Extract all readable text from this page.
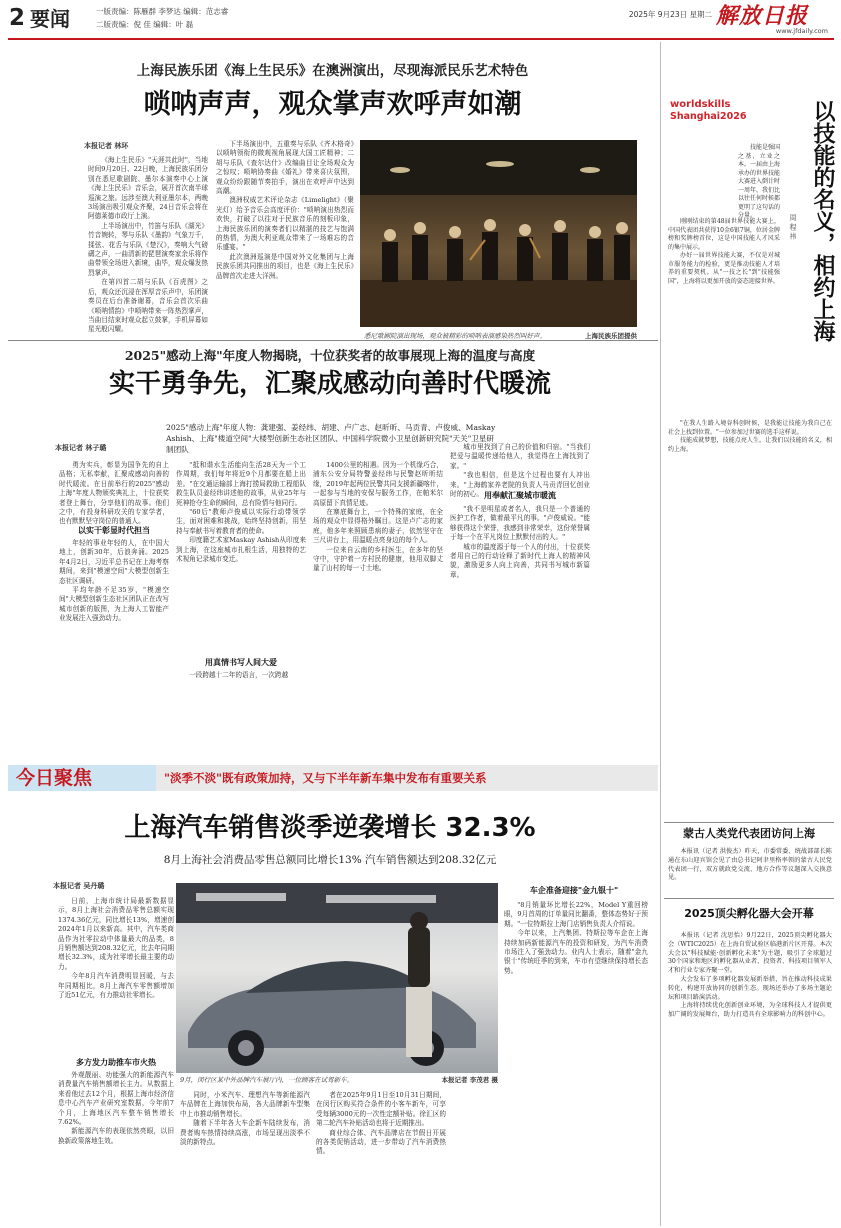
2 要闻	一版责编：陈雁群 李梦达 编辑：范志睿
二版责编：倪 佳 编辑：叶 磊
2025年 9月23日 星期二 解放日报
www.jfdaily.com
上海民族乐团《海上生民乐》在澳洲演出，尽现海派民乐艺术特色
唢呐声声，观众掌声欢呼声如潮
本报记者 林环

《海上生民乐》"天涯共此时"，当地时间9月20日、22日晚，上海民族乐团分别在悉尼歌剧院、墨尔本演奏中心上演《海上生民乐》音乐会，展开首次南半球巡演之旅。远涉至澳大利亚墨尔本，两晚3场演出吸引观众齐聚，24日音乐会将在阿德莱德市政厅上演。

上半场演出中，竹笛与乐队《湖光》竹音婉转，琴与乐队《墨韵》气象万千，揉弦、花舌与乐队《楚汉》，奏响大气磅礴之声，一曲清新的琵琶演奏家余乐将作曲带领全场进入新境，曲毕，观众爆发热烈掌声。

在第四首二胡与乐队《百虎图》之后，观众还沉浸在浑厚音乐声中，乐团演奏员在后台准备谢幕，音乐会首次乐曲《唢呐情韵》中唢呐带来一阵热烈掌声，当曲目结束时观众起立鼓掌，手机屏幕如星光般闪耀。

下半场演出中，五重奏与乐队《齐木格奇》以唢呐领衔的微观视角展现大国工匠精神；二胡与乐队《查尔达什》改编曲目让全场观众为之惊叹；唢呐协奏曲《婚礼》带来喜庆氛围，观众纷纷跟随节奏拍手，演出在欢呼声中达到高潮。

澳洲权威艺术评论杂志《Limelight》（聚光灯）给予音乐会高度评价："唢呐演出热烈而欢快，打破了以往对于民族音乐的刻板印象，上海民族乐团的演奏者们以精湛的技艺与饱满的热情，为澳大利亚观众带来了一场难忘的音乐盛宴。"

此次澳洲巡演是中国对外文化集团与上海民族乐团共同推出的项目，也是《海上生民乐》品牌首次走进大洋洲。

悉尼歌剧院演出现场，观众被精彩的唢呐表演感染热烈叫好声。	上海民族乐团提供
2025"感动上海"年度人物揭晓，十位获奖者的故事展现上海的温度与高度
实干勇争先，汇聚成感动向善时代暖流
2025"感动上海"年度人物：龚建强、姜经纬、胡建、卢广志、赵昕昕、马贡青、卢俊威、Maskay Ashish、上海"楼道空间"大楼型创新生态社区团队、中国科学院微小卫星创新研究院"天关"卫星研制团队
本报记者 林子璐

勇为实兵，彰显为国争先的自上品格；无私奉献，汇聚成感动向善的时代暖流。在日前举行的2025"感动上海"年度人物颁奖典礼上，十位获奖者登上舞台，分享他们的故事。他们之中，有投身科研攻关的专家学者，也有默默坚守岗位的普通人。

以实干彰显时代担当

年轻的事业年轻的人，在中国大地上，创新30年，后浪奔涌。2025年4月2日，习近平总书记在上海考察期间，来到"模速空间"大模型创新生态社区调研。

平均年龄不足35岁，"模速空间"大模型创新生态社区团队正在改写城市创新的版图，为上海人工智能产业发展注入强劲动力。

"抵和谐水生活能向生活28天为一个工作周期，我们每年将近9个月都要在船上出差。"在交通运输部上海打捞局救助工程船队救生队员姜经纬讲述他的故事，从业25年与死神抢夺生命的瞬间，总有险情与他同行。

"60后"教师卢俊威以实际行动带领学生，面对困难和挑战，始终坚持创新，用坚持与奉献书写着教育者的使命。

印度籍艺术家Maskay Ashish从印度来到上海，在这座城市扎根生活，用独特的艺术视角记录城市变迁。

用真情书写人间大爱

一段跨越十二年的语言，一次跨越

1400公里的相遇。因为一个机缘巧合，浦东公安分局特警姜经纬与民警赵昕昕结缘，2019年起两位民警共同支援新疆喀什，一起参与当地的安保与服务工作，在帕米尔高原留下真情足迹。

在寨底舞台上，一个特殊的家庭，在全场的观众中显得格外瞩目。这是卢广志的家庭，他多年来照顾患病的妻子，依然坚守在三尺讲台上，用温暖点亮身边的每个人。

一位来自云南的乡村医生，在多年的坚守中，守护着一方村民的健康，他用双脚丈量了山村的每一寸土地。

城市里找到了自己的价值和归宿。"当我们把爱与温暖传递给他人，我觉得在上海找到了家。"

"我也相信，但是这个过程也要有人冲出来。"上海鹤家养老院的负责人马贡青回忆创业时的初心。 用奉献汇聚城市暖流

"我不是明星或者名人，我只是一个普通的医护工作者，做着最平凡的事。"卢俊威说。"能够获得这个荣誉，我感到非常荣幸，这份荣誉属于每一个在平凡岗位上默默付出的人。"

城市的温度源于每一个人的付出，十位获奖者用自己的行动诠释了新时代上海人的精神风貌，激励更多人向上向善，共同书写城市新篇章。

worldskills
Shanghai2026	以技能的名义，相约上海
周 程 祎

技能是强国之基、立业之本。一届由上海承办的世界技能大赛进入倒计时一周年，我们比以往任何时候都更明了这句话的分量。

刚刚结束的第48届世界技能大赛上，中国代表团共获得10金6银7铜，位居金牌榜和奖牌榜首位，这是中国技能人才风采的集中展示。

办好一届世界技能大赛，不仅是对城市服务能力的检验，更是推动技能人才培养的重要契机。从"一技之长"到"技能强国"，上海将以更加开放的姿态迎接世界。

"在我人生路入境谷科创时候，是我能让技能为我自己在社会上找到位置。"一位参加过世赛的选手这样说。

技能成就梦想，技能点亮人生。让我们以技能的名义，相约上海。

蒙古人类党代表团访问上海

本报讯（记者 洪俊杰）昨天，市委常委、统战部部长陈通在东山迎宾馆会见了由总书记阿聿里格率领的蒙古人民党代表团一行，双方就政党交流、地方合作等议题深入交换意见。

2025顶尖孵化器大会开幕

本报讯（记者 沈思怡）9月22日，2025顶尖孵化器大会（WTIC2025）在上海自贸试验区临港新片区开幕。本次大会以"科技赋能·创新孵化未来"为主题，吸引了全球超过30个国家和地区的孵化器从业者、投资者、科技项目领军人才和行业专家齐聚一堂。

大会发布了多项孵化器发展新举措，旨在推动科技成果转化，构建开放协同的创新生态。现场还举办了多场主题论坛和项目路演活动。

上海将持续优化创新创业环境，为全球科技人才提供更加广阔的发展舞台，助力打造具有全球影响力的科创中心。

今日聚焦	"淡季不淡"既有政策加持，又与下半年新车集中发布有重要关系
上海汽车销售淡季逆袭增长 32.3%
8月上海社会消费品零售总额同比增长13% 汽车销售额达到208.32亿元
本报记者 吴丹璐

日前，上海市统计局最新数据显示，8月上海社会消费品零售总额实现1374.36亿元，同比增长13%，增速创2024年1月以来新高。其中，汽车类商品作为社零拉动中体量最大的品类，8月销售额达到208.32亿元，比去年同期增长32.3%，成为社零增长最主要的动力。

今年8月汽车消费明显回暖，与去年同期相比，8月上海汽车零售额增加了近51亿元，有力推动社零增长。

多方发力助推车市火热

外观靓丽、功能强大的新能源汽车消费量汽车销售额增长主力。从数据上来看他过去12个月，根据上海市经济信息中心汽车产业研究室数据，今年前7个月，上海地区汽车整车销售增长7.62%。

新能源汽车的表现依然亮眼，以旧换新政策落地生效。

9月，闵行区某中外品牌汽车展厅内，一位顾客在试驾新车。	本报记者 李茂君 摄

同时，小米汽车、理想汽车等新能源汽车品牌在上海加快布局，各大品牌新车型集中上市推动销售增长。

随着下半年各大车企新车陆续发布，消费者购车热情持续高涨，市场呈现出淡季不淡的新特点。

者在2025年9月1日至10月31日期间，在闵行区购买符合条件的小客车新车，可享受每辆3000元的一次性定额补贴。徐汇区的第二轮汽车补贴活动也将于近期推出。

商业综合体、汽车品牌店在节假日开展的各类促销活动，进一步带动了汽车消费热情。

车企准备迎接"金九银十"

"8月销量环比增长22%，Model Y重回榜眼，9月首周的订单量同比翻番，整体态势好于预期。"一位特斯拉上海门店销售负责人介绍说。

今年以来，上汽集团、特斯拉等车企在上海持续加码新能源汽车的投资和研发，为汽车消费市场注入了强劲动力。业内人士表示，随着"金九银十"传统旺季的到来，车市有望继续保持增长态势。
